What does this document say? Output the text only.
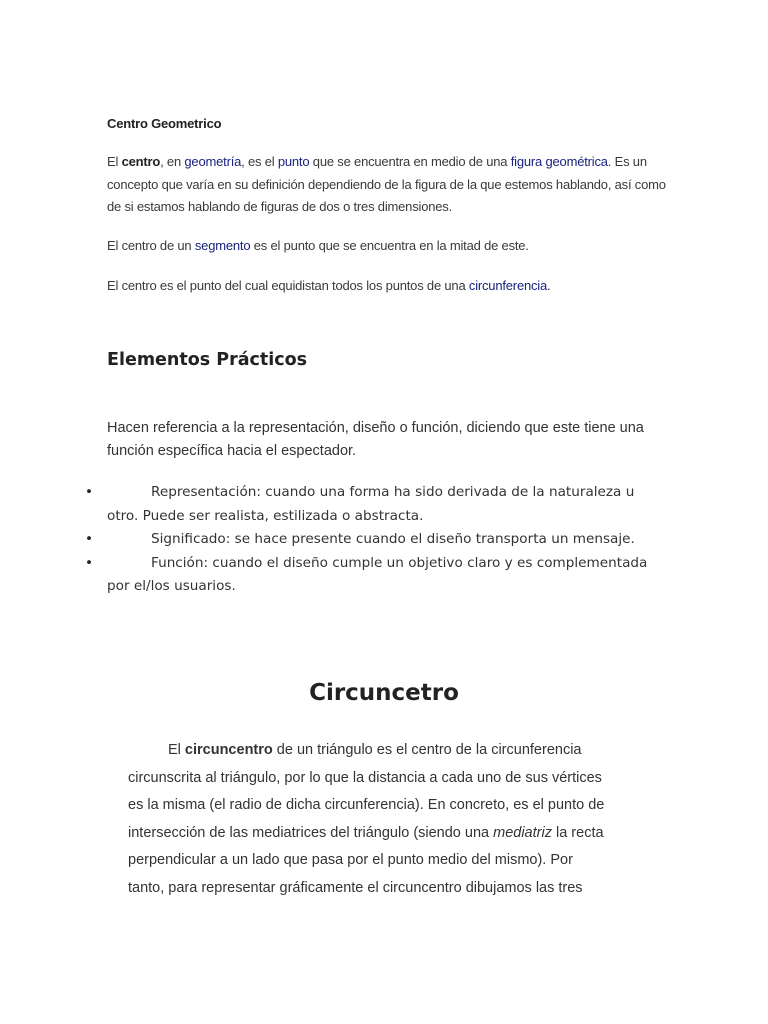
Centro Geometrico

El centro, en geometría, es el punto que se encuentra en medio de una figura geométrica. Es un concepto que varía en su definición dependiendo de la figura de la que estemos hablando, así como de si estamos hablando de figuras de dos o tres dimensiones.

El centro de un segmento es el punto que se encuentra en la mitad de este.

El centro es el punto del cual equidistan todos los puntos de una circunferencia.

Elementos Prácticos

Hacen referencia a la representación, diseño o función, diciendo que este tiene una función específica hacia el espectador.

•	Representación: cuando una forma ha sido derivada de la naturaleza u otro. Puede ser realista, estilizada o abstracta.
•	Significado: se hace presente cuando el diseño transporta un mensaje.
•	Función: cuando el diseño cumple un objetivo claro y es complementada por el/los usuarios.
Circuncetro
El circuncentro de un triángulo es el centro de la circunferencia
circunscrita al triángulo, por lo que la distancia a cada uno de sus vértices
es la misma (el radio de dicha circunferencia). En concreto, es el punto de
intersección de las mediatrices del triángulo (siendo una mediatriz la recta
perpendicular a un lado que pasa por el punto medio del mismo). Por
tanto, para representar gráficamente el circuncentro dibujamos las tres
